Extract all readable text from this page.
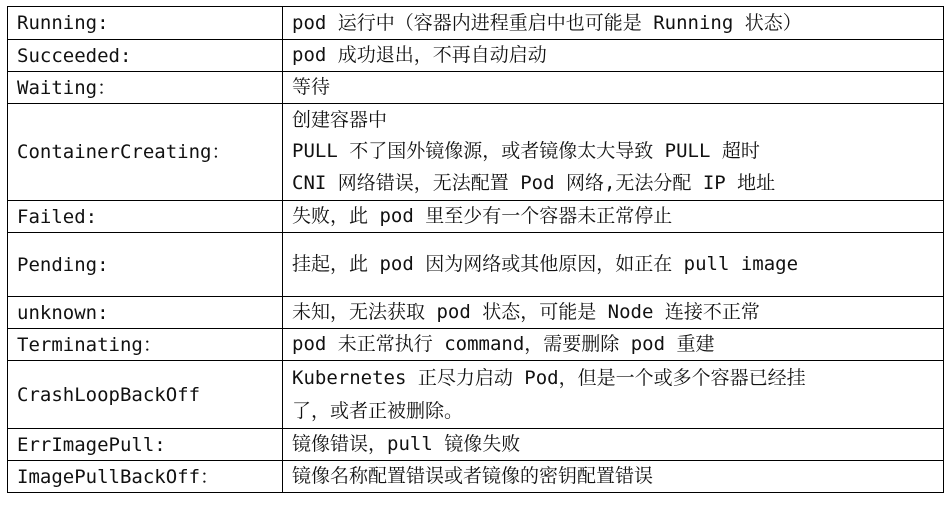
Running:	pod 运行中（容器内进程重启中也可能是 Running 状态）

Succeeded:	pod 成功退出，不再自动启动

Waiting：	等待

ContainerCreating：	创建容器中
PULL 不了国外镜像源，或者镜像太大导致 PULL 超时
CNI 网络错误，无法配置 Pod 网络,无法分配 IP 地址

Failed:	失败，此 pod 里至少有一个容器未正常停止

Pending:	挂起，此 pod 因为网络或其他原因，如正在 pull image

unknown:	未知，无法获取 pod 状态，可能是 Node 连接不正常

Terminating：	pod 未正常执行 command，需要删除 pod 重建

CrashLoopBackOff	Kubernetes 正尽力启动 Pod，但是一个或多个容器已经挂
了，或者正被删除。

ErrImagePull:	镜像错误，pull 镜像失败

ImagePullBackOff：	镜像名称配置错误或者镜像的密钥配置错误
